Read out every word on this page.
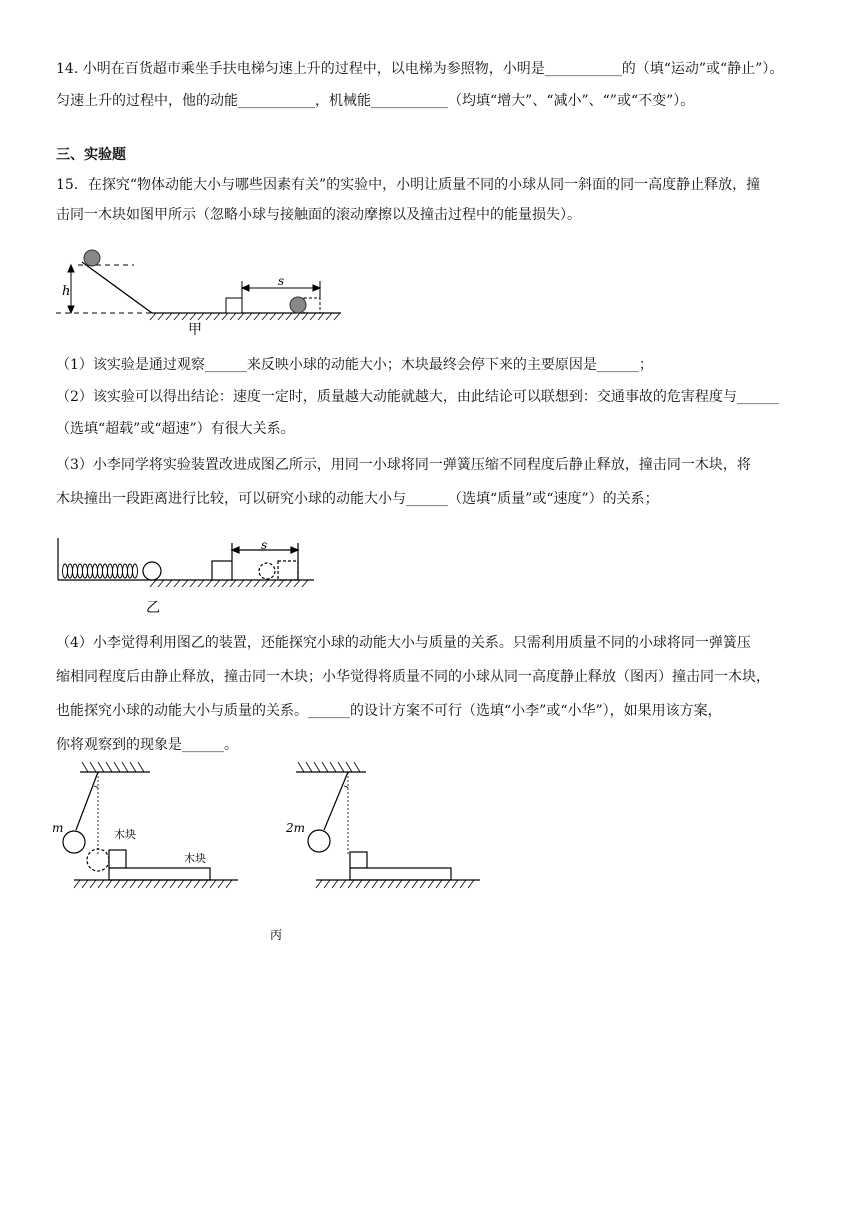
14. 小明在百货超市乘坐手扶电梯匀速上升的过程中，以电梯为参照物，小明是___________的（填“运动”或“静止”）。
匀速上升的过程中，他的动能___________，机械能___________（均填“增大”、“减小”、“”或“不变”）。
三、实验题
15．在探究“物体动能大小与哪些因素有关”的实验中，小明让质量不同的小球从同一斜面的同一高度静止释放，撞
击同一木块如图甲所示（忽略小球与接触面的滚动摩擦以及撞击过程中的能量损失）。
h
s
甲
（1）该实验是通过观察______来反映小球的动能大小；木块最终会停下来的主要原因是______；
（2）该实验可以得出结论：速度一定时，质量越大动能就越大，由此结论可以联想到：交通事故的危害程度与______
（选填“超载”或“超速”）有很大关系。
（3）小李同学将实验装置改进成图乙所示，用同一小球将同一弹簧压缩不同程度后静止释放，撞击同一木块，将
木块撞出一段距离进行比较，可以研究小球的动能大小与______（选填“质量”或“速度”）的关系；
s
乙
（4）小李觉得利用图乙的装置，还能探究小球的动能大小与质量的关系。只需利用质量不同的小球将同一弹簧压
缩相同程度后由静止释放，撞击同一木块；小华觉得将质量不同的小球从同一高度静止释放（图丙）撞击同一木块，
也能探究小球的动能大小与质量的关系。______的设计方案不可行（选填“小李”或“小华”），如果用该方案，
你将观察到的现象是______。
m	木块
木块
2m
丙
